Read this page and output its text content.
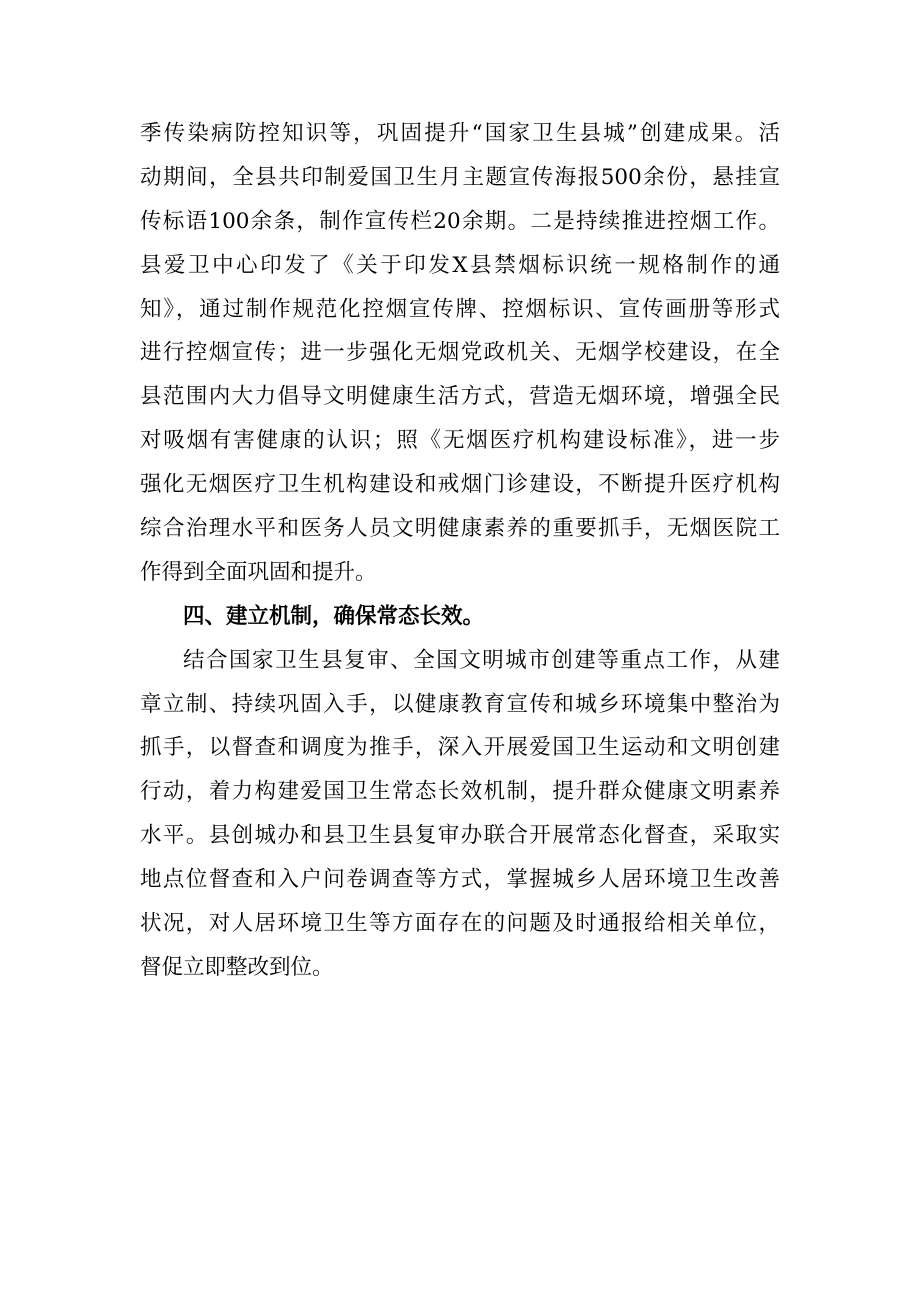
季传染病防控知识等，巩固提升“国家卫生县城”创建成果。活
动期间，全县共印制爱国卫生月主题宣传海报500余份，悬挂宣
传标语100余条，制作宣传栏20余期。二是持续推进控烟工作。
县爱卫中心印发了《关于印发X县禁烟标识统一规格制作的通
知》，通过制作规范化控烟宣传牌、控烟标识、宣传画册等形式
进行控烟宣传；进一步强化无烟党政机关、无烟学校建设，在全
县范围内大力倡导文明健康生活方式，营造无烟环境，增强全民
对吸烟有害健康的认识；照《无烟医疗机构建设标准》，进一步
强化无烟医疗卫生机构建设和戒烟门诊建设，不断提升医疗机构
综合治理水平和医务人员文明健康素养的重要抓手，无烟医院工
作得到全面巩固和提升。
四、建立机制，确保常态长效。
结合国家卫生县复审、全国文明城市创建等重点工作，从建
章立制、持续巩固入手，以健康教育宣传和城乡环境集中整治为
抓手，以督查和调度为推手，深入开展爱国卫生运动和文明创建
行动，着力构建爱国卫生常态长效机制，提升群众健康文明素养
水平。县创城办和县卫生县复审办联合开展常态化督查，采取实
地点位督查和入户问卷调查等方式，掌握城乡人居环境卫生改善
状况，对人居环境卫生等方面存在的问题及时通报给相关单位，
督促立即整改到位。
